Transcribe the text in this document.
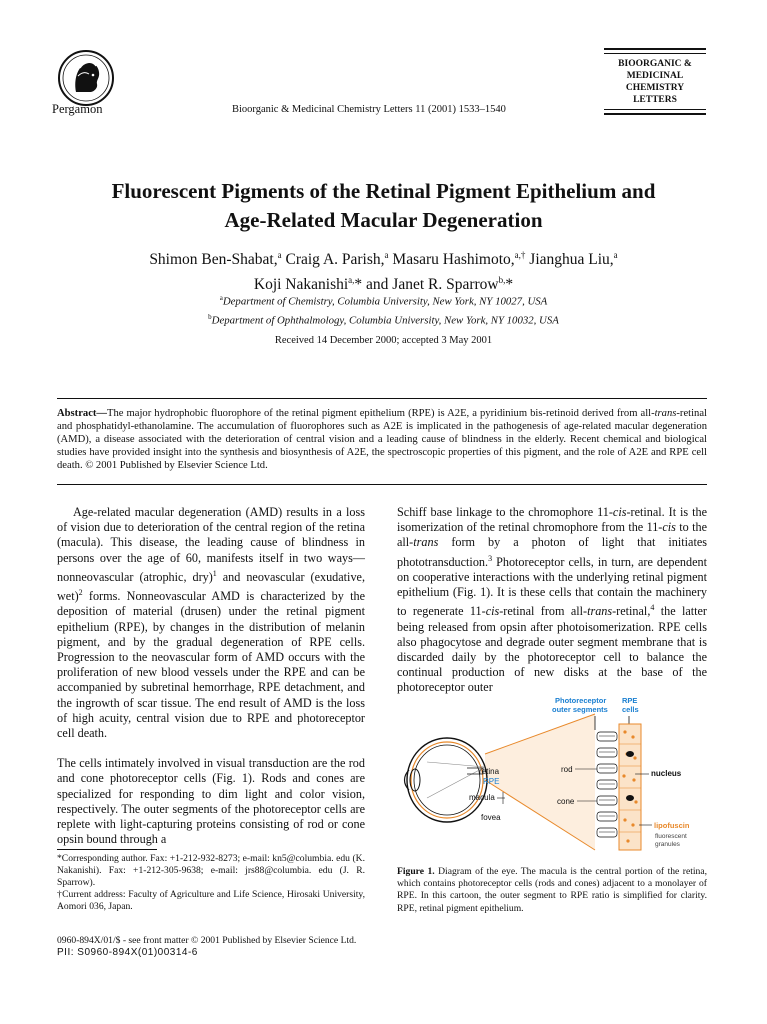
Pergamon	Bioorganic & Medicinal Chemistry Letters 11 (2001) 1533–1540
BIOORGANIC &
MEDICINAL
CHEMISTRY
LETTERS
Fluorescent Pigments of the Retinal Pigment Epithelium and
Age-Related Macular Degeneration
Shimon Ben-Shabat,$^a$ Craig A. Parish,$^a$ Masaru Hashimoto,$^{a,\dagger}$ Jianghua Liu,$^a$
Koji Nakanishi$^{a,}$* and Janet R. Sparrow$^{b,}$*
$^a$Department of Chemistry, Columbia University, New York, NY 10027, USA
$^b$Department of Ophthalmology, Columbia University, New York, NY 10032, USA
Received 14 December 2000; accepted 3 May 2001
Abstract—The major hydrophobic fluorophore of the retinal pigment epithelium (RPE) is A2E, a pyridinium bis-retinoid derived from all-trans-retinal and phosphatidyl-ethanolamine. The accumulation of fluorophores such as A2E is implicated in the pathogenesis of age-related macular degeneration (AMD), a disease associated with the deterioration of central vision and a leading cause of blindness in the elderly. Recent chemical and biological studies have provided insight into the synthesis and biosynthesis of A2E, the spectroscopic properties of this pigment, and the role of A2E and RPE cell death. © 2001 Published by Elsevier Science Ltd.

Age-related macular degeneration (AMD) results in a loss of vision due to deterioration of the central region of the retina (macula). This disease, the leading cause of blindness in persons over the age of 60, manifests itself in two ways—nonneovascular (atrophic, dry)$^1$ and neovascular (exudative, wet)$^2$ forms. Nonneovascular AMD is characterized by the deposition of material (drusen) under the retinal pigment epithelium (RPE), by changes in the distribution of melanin pigment, and by the gradual degeneration of RPE cells. Progression to the neovascular form of AMD occurs with the proliferation of new blood vessels under the RPE and can be accompanied by subretinal hemorrhage, RPE detachment, and the ingrowth of scar tissue. The end result of AMD is the loss of high acuity, central vision due to RPE and photoreceptor cell death.

The cells intimately involved in visual transduction are the rod and cone photoreceptor cells (Fig. 1). Rods and cones are specialized for responding to dim light and color vision, respectively. The outer segments of the photoreceptor cells are replete with light-capturing proteins consisting of rod or cone opsin bound through a

Schiff base linkage to the chromophore 11-cis-retinal. It is the isomerization of the retinal chromophore from the 11-cis to the all-trans form by a photon of light that initiates phototransduction.$^3$ Photoreceptor cells, in turn, are dependent on cooperative interactions with the underlying retinal pigment epithelium (Fig. 1). It is these cells that contain the machinery to regenerate 11-cis-retinal from all-trans-retinal,$^4$ the latter being released from opsin after photoisomerization. RPE cells also phagocytose and degrade outer segment membrane that is discarded daily by the photoreceptor cell to balance the continual production of new disks at the base of the photoreceptor outer

retina
RPE
macula
fovea
Photoreceptor
outer segments
RPE
cells
rod
cone
nucleus
lipofuscin
fluorescent
granules
Figure 1. Diagram of the eye. The macula is the central portion of the retina, which contains photoreceptor cells (rods and cones) adjacent to a monolayer of RPE. In this cartoon, the outer segment to RPE ratio is simplified for clarity. RPE, retinal pigment epithelium.

*Corresponding author. Fax: +1-212-932-8273; e-mail: kn5@columbia. edu (K. Nakanishi). Fax: +1-212-305-9638; e-mail: jrs88@columbia. edu (J. R. Sparrow).

†Current address: Faculty of Agriculture and Life Science, Hirosaki University, Aomori 036, Japan.

0960-894X/01/$ - see front matter © 2001 Published by Elsevier Science Ltd.
PII: S0960-894X(01)00314-6
